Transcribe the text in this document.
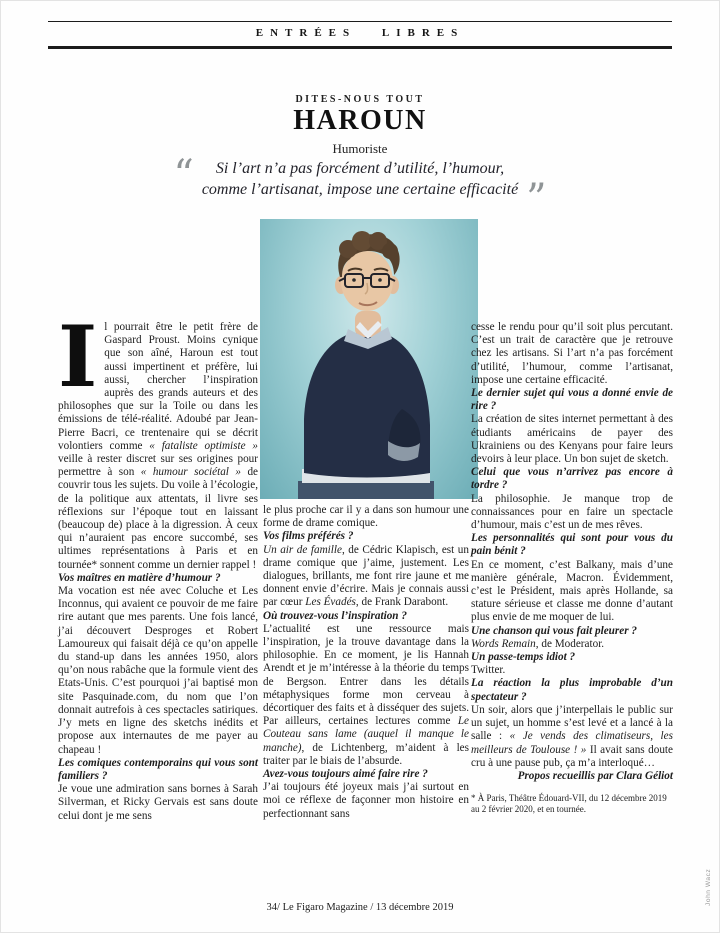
ENTRÉES LIBRES
DITES-NOUS TOUT
HAROUN
Humoriste
“	Si l’art n’a pas forcément d’utilité, l’humour,
comme l’artisanat, impose une certaine efficacité ”
Il pourrait être le petit frère de Gaspard Proust. Moins cynique que son aîné, Haroun est tout aussi impertinent et préfère, lui aussi, chercher l’inspiration auprès des grands auteurs et des philosophes que sur la Toile ou dans les émissions de télé-réalité. Adoubé par Jean-Pierre Bacri, ce trentenaire qui se décrit volontiers comme « fataliste optimiste » veille à rester discret sur ses origines pour permettre à son « humour sociétal » de couvrir tous les sujets. Du voile à l’écologie, de la politique aux attentats, il livre ses réflexions sur l’époque tout en laissant (beaucoup de) place à la digression. À ceux qui n’auraient pas encore succombé, ses ultimes représentations à Paris et en tournée* sonnent comme un dernier rappel !
Vos maîtres en matière d’humour ?
Ma vocation est née avec Coluche et Les Inconnus, qui avaient ce pouvoir de me faire rire autant que mes parents. Une fois lancé, j’ai découvert Desproges et Robert Lamoureux qui faisait déjà ce qu’on appelle du stand-up dans les années 1950, alors qu’on nous rabâche que la formule vient des Etats-Unis. C’est pourquoi j’ai baptisé mon site Pasquinade.com, du nom que l’on donnait autrefois à ces spectacles satiriques. J’y mets en ligne des sketchs inédits et propose aux internautes de me payer au chapeau !
Les comiques contemporains qui vous sont familiers ?
Je voue une admiration sans bornes à Sarah Silverman, et Ricky Gervais est sans doute celui dont je me sens
le plus proche car il y a dans son humour une forme de drame comique.
Vos films préférés ?
Un air de famille, de Cédric Klapisch, est un drame comique que j’aime, justement. Les dialogues, brillants, me font rire jaune et me donnent envie d’écrire. Mais je connais aussi par cœur Les Évadés, de Frank Darabont.
Où trouvez-vous l’inspiration ?
L’actualité est une ressource mais l’inspiration, je la trouve davantage dans la philosophie. En ce moment, je lis Hannah Arendt et je m’intéresse à la théorie du temps de Bergson. Entrer dans les détails métaphysiques forme mon cerveau à décortiquer des faits et à disséquer des sujets. Par ailleurs, certaines lectures comme Le Couteau sans lame (auquel il manque le manche), de Lichtenberg, m’aident à les traiter par le biais de l’absurde.
Avez-vous toujours aimé faire rire ?
J’ai toujours été joyeux mais j’ai surtout en moi ce réflexe de façonner mon histoire en perfectionnant sans
cesse le rendu pour qu’il soit plus percutant. C’est un trait de caractère que je retrouve chez les artisans. Si l’art n’a pas forcément d’utilité, l’humour, comme l’artisanat, impose une certaine efficacité.
Le dernier sujet qui vous a donné envie de rire ?
La création de sites internet permettant à des étudiants américains de payer des Ukrainiens ou des Kenyans pour faire leurs devoirs à leur place. Un bon sujet de sketch.
Celui que vous n’arrivez pas encore à tordre ?
La philosophie. Je manque trop de connaissances pour en faire un spectacle d’humour, mais c’est un de mes rêves.
Les personnalités qui sont pour vous du pain bénit ?
En ce moment, c’est Balkany, mais d’une manière générale, Macron. Évidemment, c’est le Président, mais après Hollande, sa stature sérieuse et classe me donne d’autant plus envie de me moquer de lui.
Une chanson qui vous fait pleurer ?
Words Remain, de Moderator.
Un passe-temps idiot ?
Twitter.
La réaction la plus improbable d’un spectateur ?
Un soir, alors que j’interpellais le public sur un sujet, un homme s’est levé et a lancé à la salle : « Je vends des climatiseurs, les meilleurs de Toulouse ! » Il avait sans doute cru à une pause pub, ça m’a interloqué…
Propos recueillis par Clara Géliot
* À Paris, Théâtre Édouard-VII, du 12 décembre 2019 au 2 février 2020, et en tournée.
John Wacz
34/ Le Figaro Magazine / 13 décembre 2019
